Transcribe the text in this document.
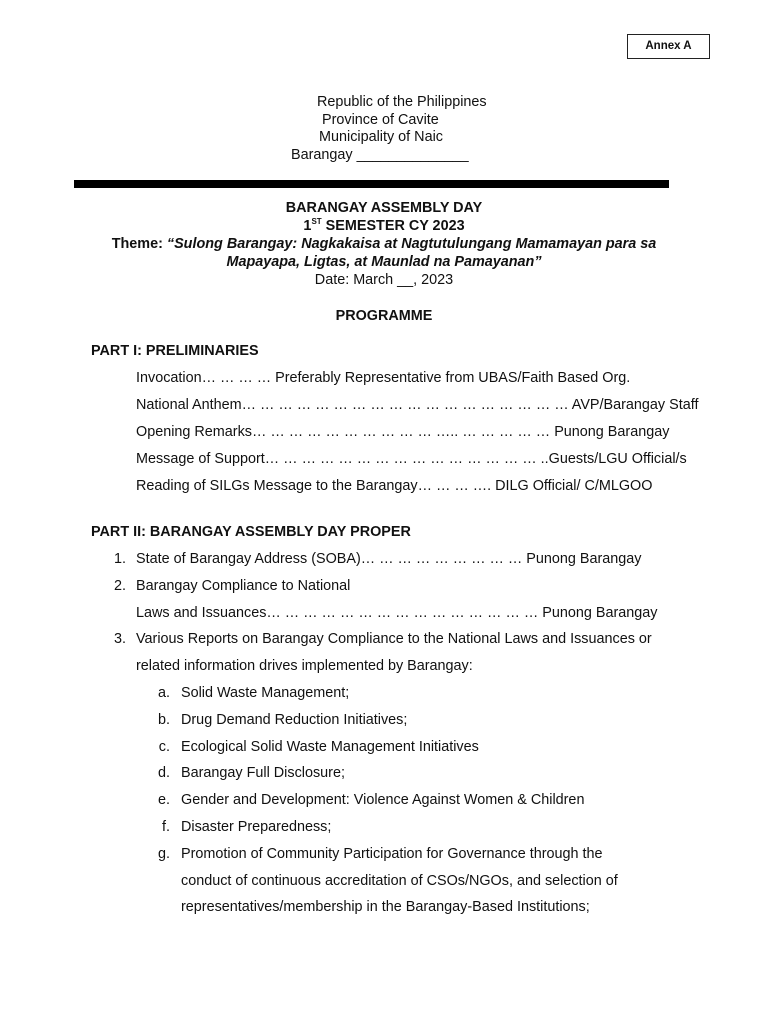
Annex A
Republic of the Philippines
Province of Cavite
Municipality of Naic
Barangay ______________
BARANGAY ASSEMBLY DAY
1ST SEMESTER CY 2023
Theme: “Sulong Barangay: Nagkakaisa at Nagtutulungang Mamamayan para sa
Mapayapa, Ligtas, at Maunlad na Pamayanan”
Date: March __, 2023
PROGRAMME
PART I: PRELIMINARIES
Invocation… … … … Preferably Representative from UBAS/Faith Based Org.
National Anthem… … … … … … … … … … … … … … … … … … AVP/Barangay Staff
Opening Remarks… … … … … … … … … … ….. … … … … … Punong Barangay
Message of Support… … … … … … … … … … … … … … … ..Guests/LGU Official/s
Reading of SILGs Message to the Barangay… … … …. DILG Official/ C/MLGOO
PART II: BARANGAY ASSEMBLY DAY PROPER
1. State of Barangay Address (SOBA)… … … … … … … … … Punong Barangay
2. Barangay Compliance to National
Laws and Issuances… … … … … … … … … … … … … … … Punong Barangay
3. Various Reports on Barangay Compliance to the National Laws and Issuances or
related information drives implemented by Barangay:
a. Solid Waste Management;
b. Drug Demand Reduction Initiatives;
c. Ecological Solid Waste Management Initiatives
d. Barangay Full Disclosure;
e. Gender and Development: Violence Against Women & Children
f. Disaster Preparedness;
g. Promotion of Community Participation for Governance through the
conduct of continuous accreditation of CSOs/NGOs, and selection of
representatives/membership in the Barangay-Based Institutions;
